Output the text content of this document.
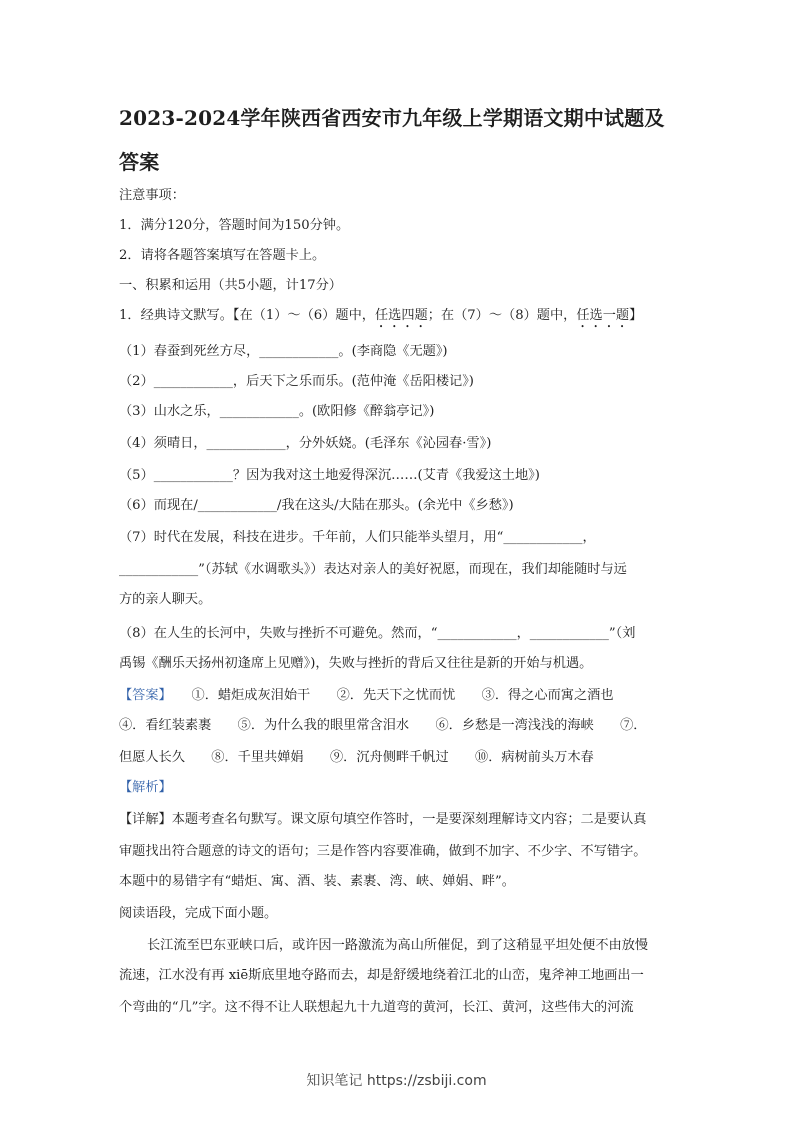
2023-2024学年陕西省西安市九年级上学期语文期中试题及
答案
注意事项：
1．满分120分，答题时间为150分钟。
2．请将各题答案填写在答题卡上。
一、积累和运用（共5小题，计17分）
1．经典诗文默写。【在（1）～（6）题中，任选四题；在（7）～（8）题中，任选一题】
（1）春蚕到死丝方尽，____________。(李商隐《无题》)
（2）____________，后天下之乐而乐。(范仲淹《岳阳楼记》)
（3）山水之乐，____________。(欧阳修《醉翁亭记》)
（4）须晴日，____________，分外妖娆。(毛泽东《沁园春·雪》)
（5）____________？因为我对这土地爱得深沉……(艾青《我爱这土地》)
（6）而现在/____________/我在这头/大陆在那头。(余光中《乡愁》)
（7）时代在发展，科技在进步。千年前，人们只能举头望月，用“____________，
____________”（苏轼《水调歌头》）表达对亲人的美好祝愿，而现在，我们却能随时与远
方的亲人聊天。
（8）在人生的长河中，失败与挫折不可避免。然而，“____________，____________”（刘
禹锡《酬乐天扬州初逢席上见赠》)，失败与挫折的背后又往往是新的开始与机遇。
【答案】　　 ①．蜡炬成灰泪始干　　②．先天下之忧而忧　　③．得之心而寓之酒也
④．看红装素裹　　⑤．为什么我的眼里常含泪水　　⑥．乡愁是一湾浅浅的海峡　　⑦．
但愿人长久　　⑧．千里共婵娟　　⑨．沉舟侧畔千帆过　　⑩．病树前头万木春
【解析】
【详解】本题考查名句默写。课文原句填空作答时，一是要深刻理解诗文内容；二是要认真
审题找出符合题意的诗文的语句；三是作答内容要准确，做到不加字、不少字、不写错字。
本题中的易错字有“蜡炬、寓、酒、装、素裹、湾、峡、婵娟、畔”。
阅读语段，完成下面小题。
长江流至巴东亚峡口后，或许因一路激流为高山所催促，到了这稍显平坦处便不由放慢
流速，江水没有再 xiē斯底里地夺路而去，却是舒缓地绕着江北的山峦，鬼斧神工地画出一
个弯曲的“几”字。这不得不让人联想起九十九道弯的黄河，长江、黄河，这些伟大的河流
知识笔记 https://zsbiji.com
